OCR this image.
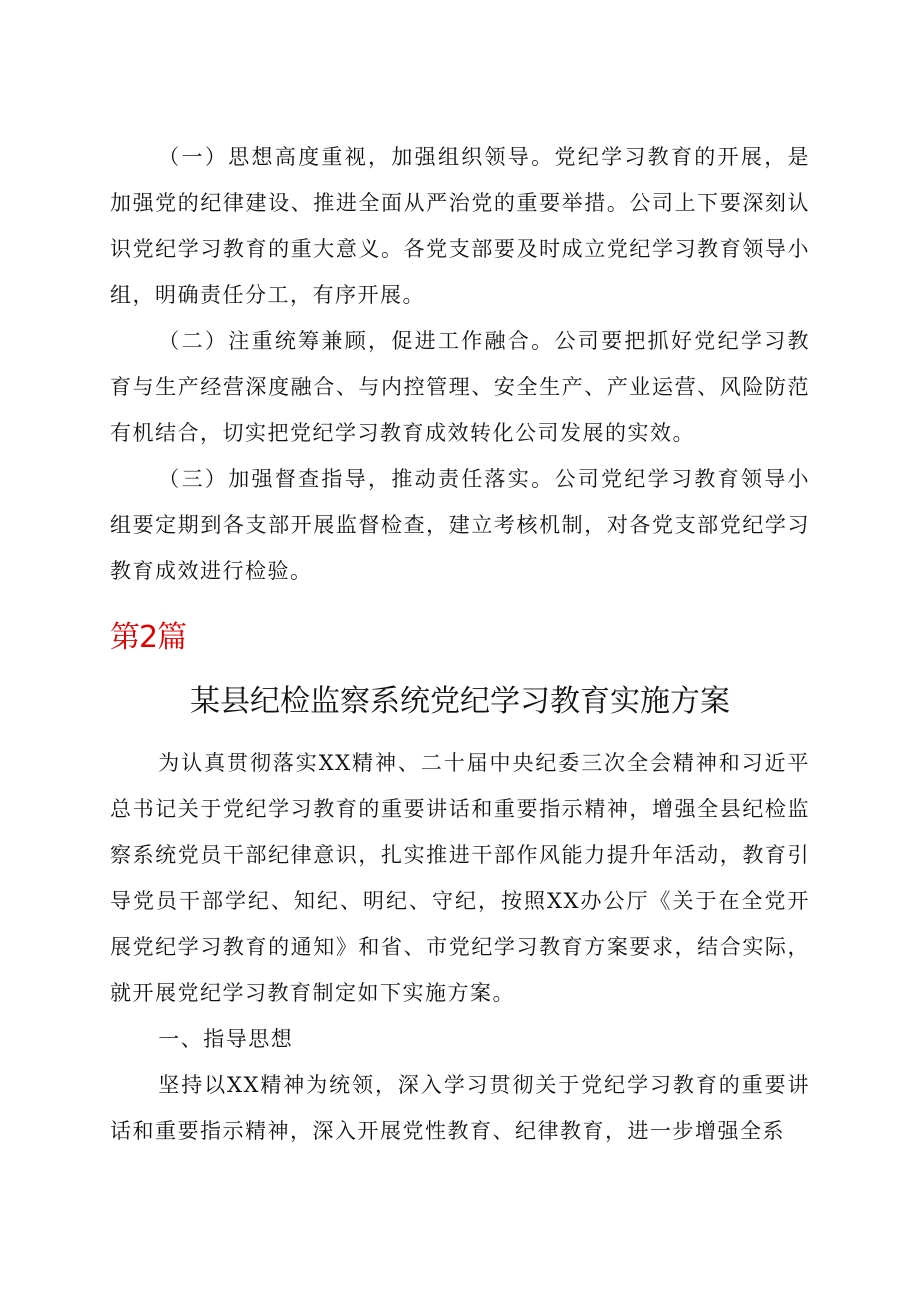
（一）思想高度重视，加强组织领导。党纪学习教育的开展，是加强党的纪律建设、推进全面从严治党的重要举措。公司上下要深刻认识党纪学习教育的重大意义。各党支部要及时成立党纪学习教育领导小组，明确责任分工，有序开展。

（二）注重统筹兼顾，促进工作融合。公司要把抓好党纪学习教育与生产经营深度融合、与内控管理、安全生产、产业运营、风险防范有机结合，切实把党纪学习教育成效转化公司发展的实效。

（三）加强督查指导，推动责任落实。公司党纪学习教育领导小组要定期到各支部开展监督检查，建立考核机制，对各党支部党纪学习教育成效进行检验。

第2篇

某县纪检监察系统党纪学习教育实施方案

为认真贯彻落实XX精神、二十届中央纪委三次全会精神和习近平总书记关于党纪学习教育的重要讲话和重要指示精神，增强全县纪检监察系统党员干部纪律意识，扎实推进干部作风能力提升年活动，教育引导党员干部学纪、知纪、明纪、守纪，按照XX办公厅《关于在全党开展党纪学习教育的通知》和省、市党纪学习教育方案要求，结合实际，就开展党纪学习教育制定如下实施方案。

一、指导思想

坚持以XX精神为统领，深入学习贯彻关于党纪学习教育的重要讲话和重要指示精神，深入开展党性教育、纪律教育，进一步增强全系
